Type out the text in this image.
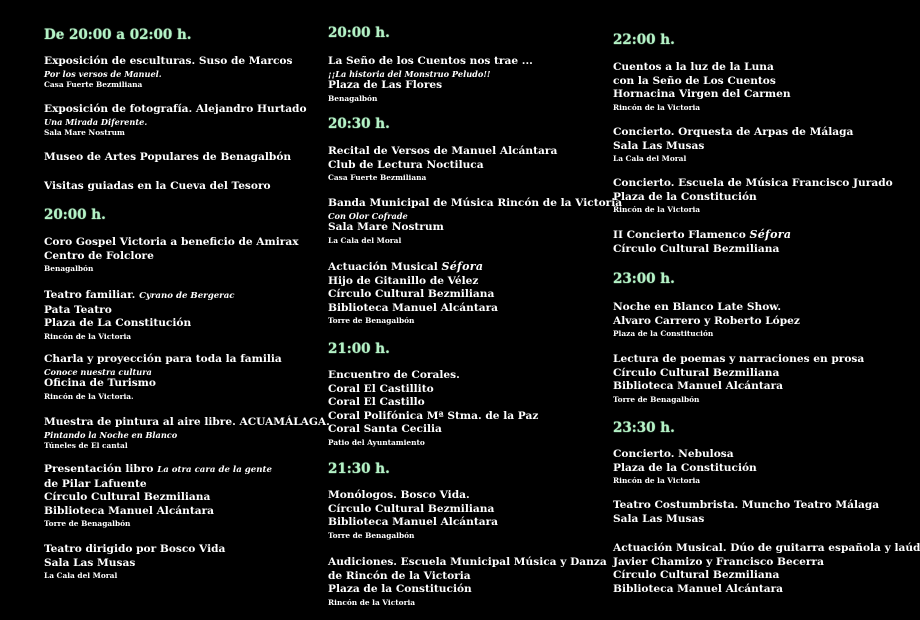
De 20:00 a 02:00 h.
Exposición de esculturas. Suso de Marcos
Por los versos de Manuel.
Casa Fuerte Bezmiliana
Exposición de fotografía. Alejandro Hurtado
Una Mirada Diferente.
Sala Mare Nostrum
Museo de Artes Populares de Benagalbón
Visitas guiadas en la Cueva del Tesoro
20:00 h.
Coro Gospel Victoria a beneficio de Amirax
Centro de Folclore
Benagalbón
Teatro familiar. Cyrano de Bergerac
Pata Teatro
Plaza de La Constitución
Rincón de la Victoria
Charla y proyección para toda la familia
Conoce nuestra cultura
Oficina de Turismo
Rincón de la Victoria.
Muestra de pintura al aire libre. ACUAMÁLAGA.
Pintando la Noche en Blanco
Túneles de El cantal
Presentación libro La otra cara de la gente
de Pilar Lafuente
Círculo Cultural Bezmiliana
Biblioteca Manuel Alcántara
Torre de Benagalbón
Teatro dirigido por Bosco Vida
Sala Las Musas
La Cala del Moral
20:00 h.
La Seño de los Cuentos nos trae ...
¡¡La historia del Monstruo Peludo!!
Plaza de Las Flores
Benagalbón
20:30 h.
Recital de Versos de Manuel Alcántara
Club de Lectura Noctiluca
Casa Fuerte Bezmiliana
Banda Municipal de Música Rincón de la Victoria
Con Olor Cofrade
Sala Mare Nostrum
La Cala del Moral
Actuación Musical Séfora
Hijo de Gitanillo de Vélez
Círculo Cultural Bezmiliana
Biblioteca Manuel Alcántara
Torre de Benagalbón
21:00 h.
Encuentro de Corales.
Coral El Castillito
Coral El Castillo
Coral Polifónica Mª Stma. de la Paz
Coral Santa Cecilia
Patio del Ayuntamiento
21:30 h.
Monólogos. Bosco Vida.
Círculo Cultural Bezmiliana
Biblioteca Manuel Alcántara
Torre de Benagalbón
Audiciones. Escuela Municipal Música y Danza
de Rincón de la Victoria
Plaza de la Constitución
Rincón de la Victoria
22:00 h.
Cuentos a la luz de la Luna
con la Seño de Los Cuentos
Hornacina Virgen del Carmen
Rincón de la Victoria
Concierto. Orquesta de Arpas de Málaga
Sala Las Musas
La Cala del Moral
Concierto. Escuela de Música Francisco Jurado
Plaza de la Constitución
Rincón de la Victoria
II Concierto Flamenco Séfora
Círculo Cultural Bezmiliana
23:00 h.
Noche en Blanco Late Show.
Alvaro Carrero y Roberto López
Plaza de la Constitución
Lectura de poemas y narraciones en prosa
Círculo Cultural Bezmiliana
Biblioteca Manuel Alcántara
Torre de Benagalbón
23:30 h.
Concierto. Nebulosa
Plaza de la Constitución
Rincón de la Victoria
Teatro Costumbrista. Muncho Teatro Málaga
Sala Las Musas
Actuación Musical. Dúo de guitarra española y laúd
Javier Chamizo y Francisco Becerra
Círculo Cultural Bezmiliana
Biblioteca Manuel Alcántara
